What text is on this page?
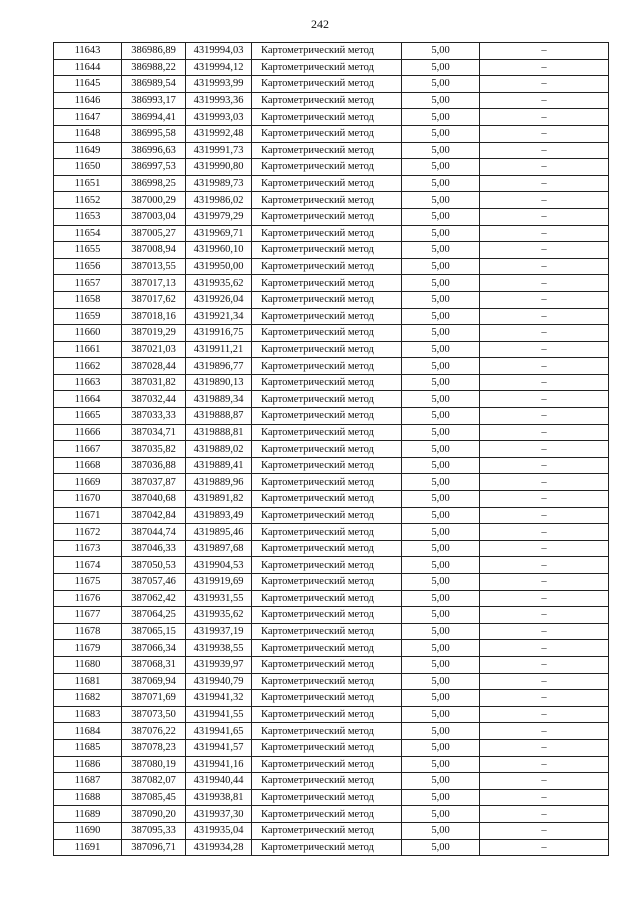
242
11643	386986,89	4319994,03	Картометрический метод	5,00	–
11644	386988,22	4319994,12	Картометрический метод	5,00	–
11645	386989,54	4319993,99	Картометрический метод	5,00	–
11646	386993,17	4319993,36	Картометрический метод	5,00	–
11647	386994,41	4319993,03	Картометрический метод	5,00	–
11648	386995,58	4319992,48	Картометрический метод	5,00	–
11649	386996,63	4319991,73	Картометрический метод	5,00	–
11650	386997,53	4319990,80	Картометрический метод	5,00	–
11651	386998,25	4319989,73	Картометрический метод	5,00	–
11652	387000,29	4319986,02	Картометрический метод	5,00	–
11653	387003,04	4319979,29	Картометрический метод	5,00	–
11654	387005,27	4319969,71	Картометрический метод	5,00	–
11655	387008,94	4319960,10	Картометрический метод	5,00	–
11656	387013,55	4319950,00	Картометрический метод	5,00	–
11657	387017,13	4319935,62	Картометрический метод	5,00	–
11658	387017,62	4319926,04	Картометрический метод	5,00	–
11659	387018,16	4319921,34	Картометрический метод	5,00	–
11660	387019,29	4319916,75	Картометрический метод	5,00	–
11661	387021,03	4319911,21	Картометрический метод	5,00	–
11662	387028,44	4319896,77	Картометрический метод	5,00	–
11663	387031,82	4319890,13	Картометрический метод	5,00	–
11664	387032,44	4319889,34	Картометрический метод	5,00	–
11665	387033,33	4319888,87	Картометрический метод	5,00	–
11666	387034,71	4319888,81	Картометрический метод	5,00	–
11667	387035,82	4319889,02	Картометрический метод	5,00	–
11668	387036,88	4319889,41	Картометрический метод	5,00	–
11669	387037,87	4319889,96	Картометрический метод	5,00	–
11670	387040,68	4319891,82	Картометрический метод	5,00	–
11671	387042,84	4319893,49	Картометрический метод	5,00	–
11672	387044,74	4319895,46	Картометрический метод	5,00	–
11673	387046,33	4319897,68	Картометрический метод	5,00	–
11674	387050,53	4319904,53	Картометрический метод	5,00	–
11675	387057,46	4319919,69	Картометрический метод	5,00	–
11676	387062,42	4319931,55	Картометрический метод	5,00	–
11677	387064,25	4319935,62	Картометрический метод	5,00	–
11678	387065,15	4319937,19	Картометрический метод	5,00	–
11679	387066,34	4319938,55	Картометрический метод	5,00	–
11680	387068,31	4319939,97	Картометрический метод	5,00	–
11681	387069,94	4319940,79	Картометрический метод	5,00	–
11682	387071,69	4319941,32	Картометрический метод	5,00	–
11683	387073,50	4319941,55	Картометрический метод	5,00	–
11684	387076,22	4319941,65	Картометрический метод	5,00	–
11685	387078,23	4319941,57	Картометрический метод	5,00	–
11686	387080,19	4319941,16	Картометрический метод	5,00	–
11687	387082,07	4319940,44	Картометрический метод	5,00	–
11688	387085,45	4319938,81	Картометрический метод	5,00	–
11689	387090,20	4319937,30	Картометрический метод	5,00	–
11690	387095,33	4319935,04	Картометрический метод	5,00	–
11691	387096,71	4319934,28	Картометрический метод	5,00	–
